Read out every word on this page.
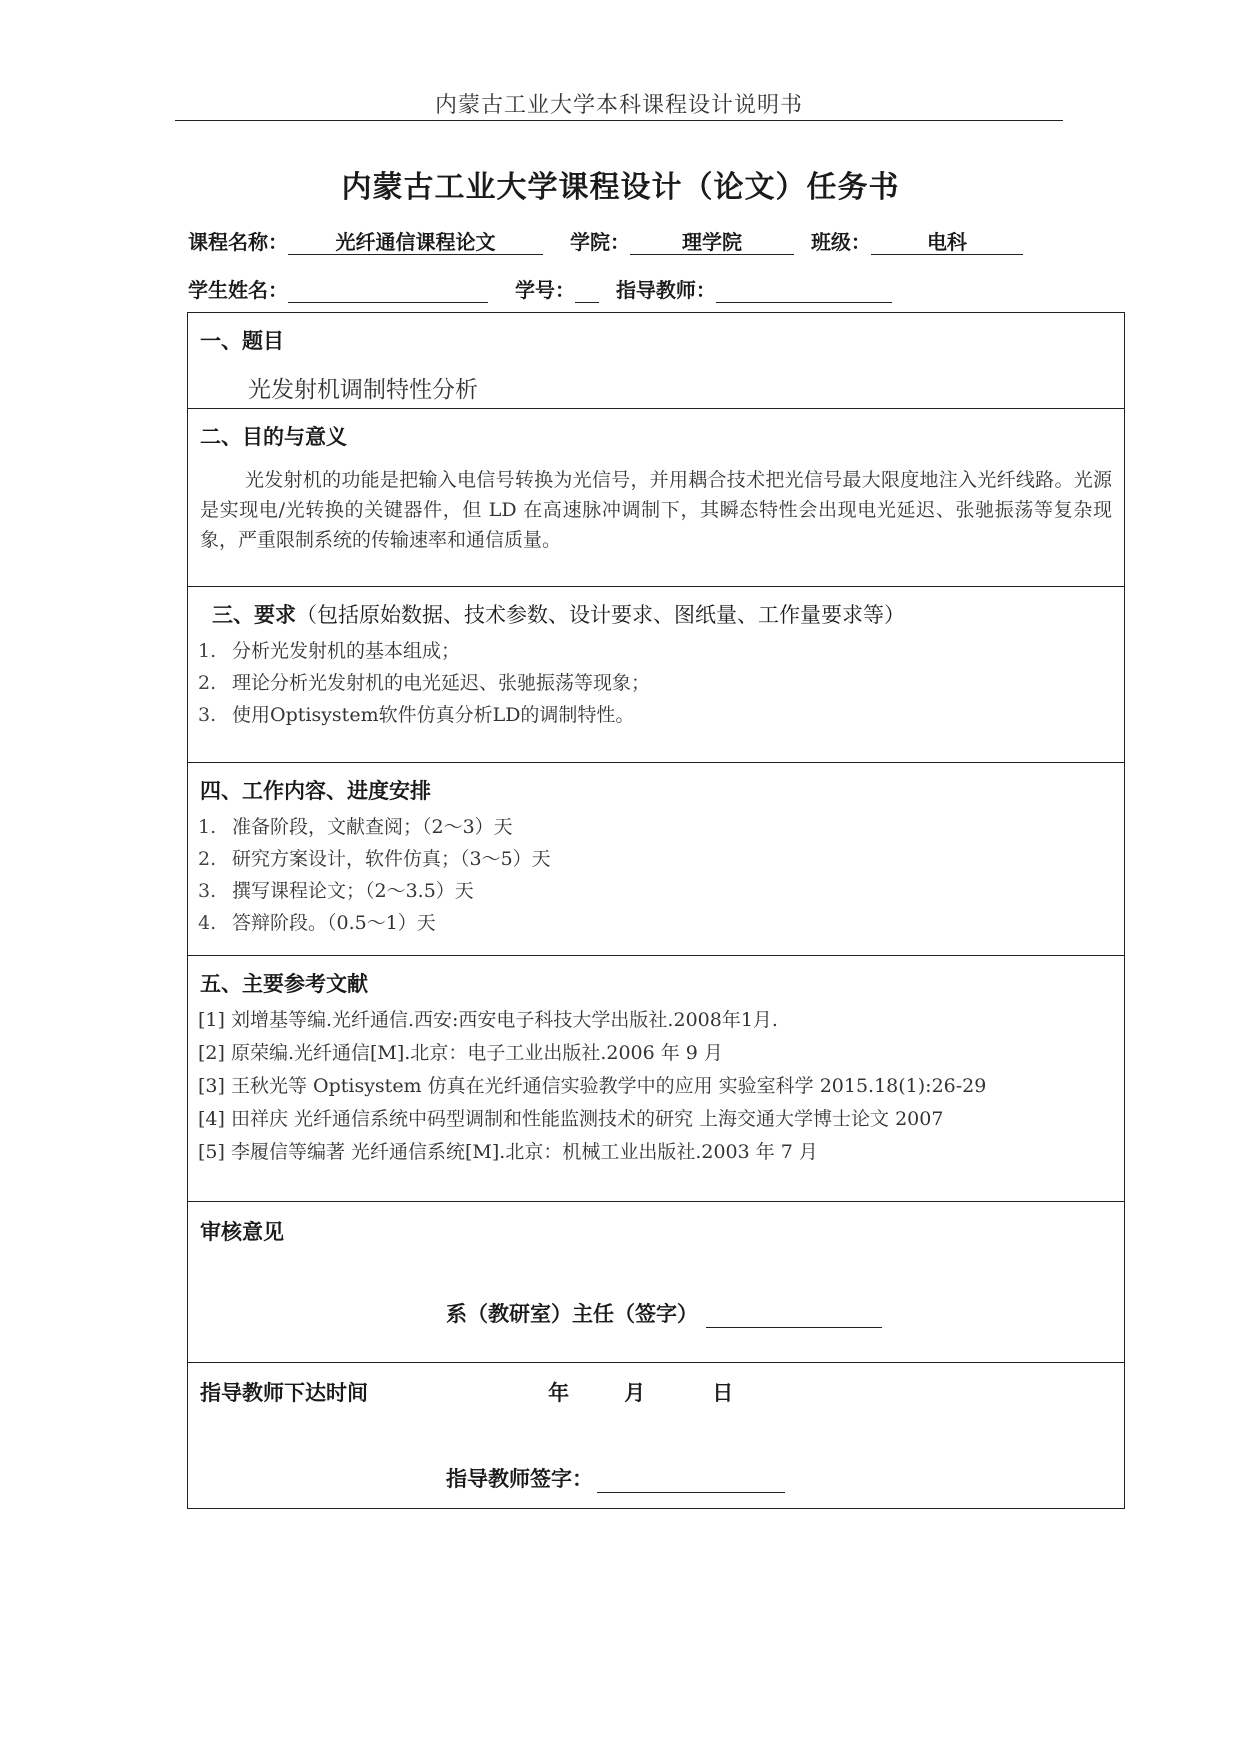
内蒙古工业大学本科课程设计说明书
内蒙古工业大学课程设计（论文）任务书
课程名称： 光纤通信课程论文	学院：	理学院	班级：	电科
学生姓名：	学号： 指导教师：
一、题目
光发射机调制特性分析

二、目的与意义
光发射机的功能是把输入电信号转换为光信号，并用耦合技术把光信号最大限度地注入光纤线路。光源是实现电/光转换的关键器件，但 LD 在高速脉冲调制下，其瞬态特性会出现电光延迟、张驰振荡等复杂现象，严重限制系统的传输速率和通信质量。

三、要求（包括原始数据、技术参数、设计要求、图纸量、工作量要求等）
1. 分析光发射机的基本组成；
2. 理论分析光发射机的电光延迟、张驰振荡等现象；
3. 使用Optisystem软件仿真分析LD的调制特性。

四、工作内容、进度安排
1. 准备阶段，文献查阅；（2～3）天
2. 研究方案设计，软件仿真；（3～5）天
3. 撰写课程论文；（2～3.5）天
4. 答辩阶段。（0.5～1）天

五、主要参考文献
[1] 刘增基等编.光纤通信.西安:西安电子科技大学出版社.2008年1月.
[2] 原荣编.光纤通信[M].北京：电子工业出版社.2006 年 9 月
[3] 王秋光等 Optisystem 仿真在光纤通信实验教学中的应用 实验室科学 2015.18(1):26-29
[4] 田祥庆 光纤通信系统中码型调制和性能监测技术的研究 上海交通大学博士论文 2007
[5] 李履信等编著 光纤通信系统[M].北京：机械工业出版社.2003 年 7 月

审核意见
系（教研室）主任（签字）

指导教师下达时间	年	月	日
指导教师签字：
